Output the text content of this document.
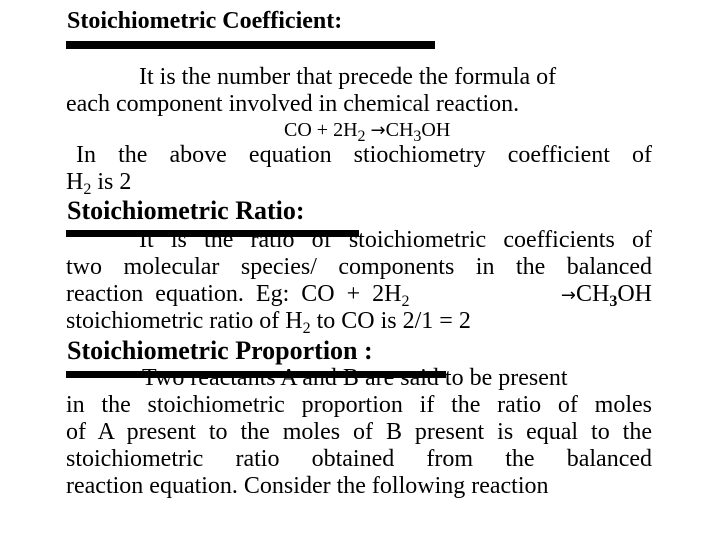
Stoichiometric Coefficient:
It is the number that precede the formula of
each component involved in chemical reaction.
CO + $2H_2 \to CH_3OH$
In the above equation stiochiometry coefficient of
$H_2$ is 2
Stoichiometric Ratio:
It is the ratio of stoichiometric coefficients of
two molecular species/ components in the balanced
reaction  equation.  Eg:  CO  +  $2H_2$	$\to CH_3OH$
stoichiometric ratio of $H_2$ to CO is 2/1 = 2
Stoichiometric Proportion :
Two reactants A and B are said to be present
in the stoichiometric proportion if the ratio of moles
of A present to the moles of B present is equal to the
stoichiometric ratio obtained from the balanced
reaction equation. Consider the following reaction
